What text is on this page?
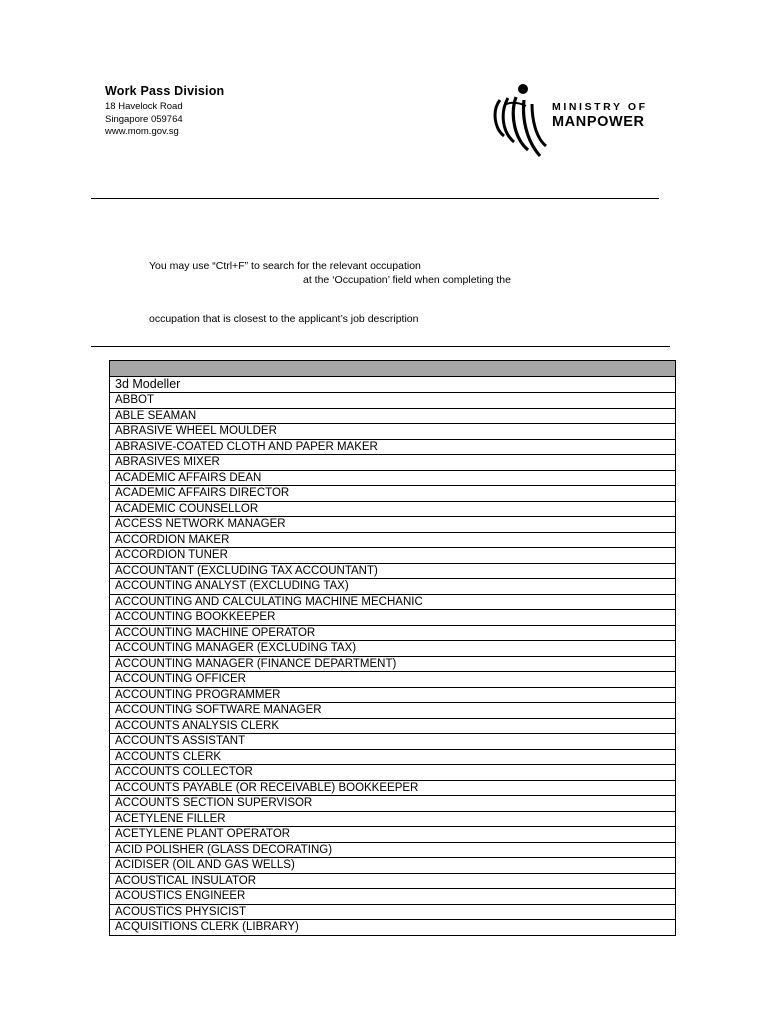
Work Pass Division
18 Havelock Road
Singapore 059764
www.mom.gov.sg
MINISTRY OF
MANPOWER
You may use “Ctrl+F” to search for the relevant occupation
at the ‘Occupation’ field when completing the
occupation that is closest to the applicant’s job description

3d Modeller
ABBOT
ABLE SEAMAN
ABRASIVE WHEEL MOULDER
ABRASIVE-COATED CLOTH AND PAPER MAKER
ABRASIVES MIXER
ACADEMIC AFFAIRS DEAN
ACADEMIC AFFAIRS DIRECTOR
ACADEMIC COUNSELLOR
ACCESS NETWORK MANAGER
ACCORDION MAKER
ACCORDION TUNER
ACCOUNTANT (EXCLUDING TAX ACCOUNTANT)
ACCOUNTING ANALYST (EXCLUDING TAX)
ACCOUNTING AND CALCULATING MACHINE MECHANIC
ACCOUNTING BOOKKEEPER
ACCOUNTING MACHINE OPERATOR
ACCOUNTING MANAGER (EXCLUDING TAX)
ACCOUNTING MANAGER (FINANCE DEPARTMENT)
ACCOUNTING OFFICER
ACCOUNTING PROGRAMMER
ACCOUNTING SOFTWARE MANAGER
ACCOUNTS ANALYSIS CLERK
ACCOUNTS ASSISTANT
ACCOUNTS CLERK
ACCOUNTS COLLECTOR
ACCOUNTS PAYABLE (OR RECEIVABLE) BOOKKEEPER
ACCOUNTS SECTION SUPERVISOR
ACETYLENE FILLER
ACETYLENE PLANT OPERATOR
ACID POLISHER (GLASS DECORATING)
ACIDISER (OIL AND GAS WELLS)
ACOUSTICAL INSULATOR
ACOUSTICS ENGINEER
ACOUSTICS PHYSICIST
ACQUISITIONS CLERK (LIBRARY)
